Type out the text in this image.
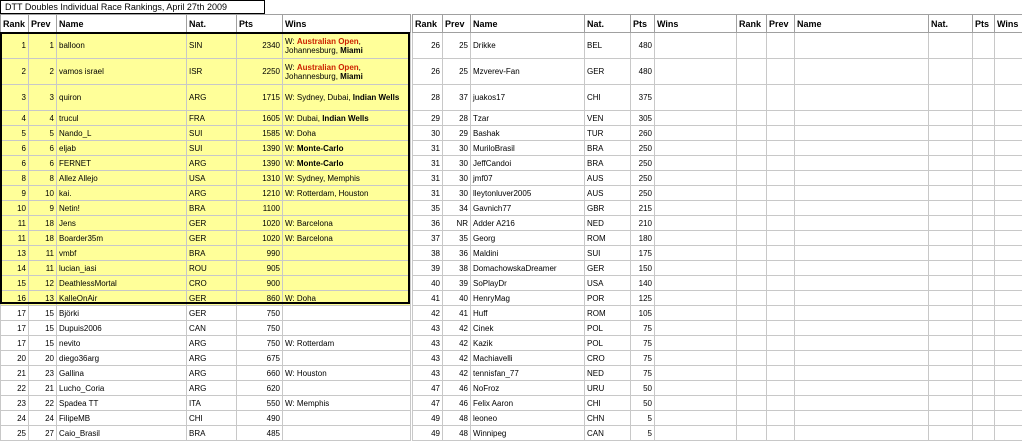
DTT Doubles Individual Race Rankings, April 27th 2009
Rank	Prev	Name	Nat.	Pts	Wins
1	1	balloon	SIN	2340	W: Australian Open, Johannesburg, Miami
2	2	vamos israel	ISR	2250	W: Australian Open, Johannesburg, Miami
3	3	quiron	ARG	1715	W: Sydney, Dubai, Indian Wells
4	4	trucul	FRA	1605	W: Dubai, Indian Wells
5	5	Nando_L	SUI	1585	W: Doha
6	6	eljab	SUI	1390	W: Monte-Carlo
6	6	FERNET	ARG	1390	W: Monte-Carlo
8	8	Allez Allejo	USA	1310	W: Sydney, Memphis
9	10	kai.	ARG	1210	W: Rotterdam, Houston
10	9	Netin!	BRA	1100	
11	18	Jens	GER	1020	W: Barcelona
11	18	Boarder35m	GER	1020	W: Barcelona
13	11	vmbf	BRA	990	
14	11	lucian_iasi	ROU	905	
15	12	DeathlessMortal	CRO	900	
16	13	KalleOnAir	GER	860	W: Doha
17	15	Björki	GER	750	
17	15	Dupuis2006	CAN	750	
17	15	nevito	ARG	750	W: Rotterdam
20	20	diego36arg	ARG	675	
21	23	Gallina	ARG	660	W: Houston
22	21	Lucho_Coria	ARG	620	
23	22	Spadea TT	ITA	550	W: Memphis
24	24	FilipeMB	CHI	490	
25	27	Caio_Brasil	BRA	485	
Rank	Prev	Name	Nat.	Pts	Wins
26	25	Drikke	BEL	480	
26	25	Mzverev-Fan	GER	480	
28	37	juakos17	CHI	375	
29	28	Tzar	VEN	305	
30	29	Bashak	TUR	260	
31	30	MuriloBrasil	BRA	250	
31	30	JeffCandoi	BRA	250	
31	30	jmf07	AUS	250	
31	30	lleytonluver2005	AUS	250	
35	34	Gavnich77	GBR	215	
36	NR	Adder A216	NED	210	
37	35	Georg	ROM	180	
38	36	Maldini	SUI	175	
39	38	DomachowskaDreamer	GER	150	
40	39	SoPlayDr	USA	140	
41	40	HenryMag	POR	125	
42	41	Huff	ROM	105	
43	42	Cinek	POL	75	
43	42	Kazik	POL	75	
43	42	Machiavelli	CRO	75	
43	42	tennisfan_77	NED	75	
47	46	NoFroz	URU	50	
47	46	Felix Aaron	CHI	50	
49	48	leoneo	CHN	5	
49	48	Winnipeg	CAN	5	
Rank	Prev	Name	Nat.	Pts	Wins
